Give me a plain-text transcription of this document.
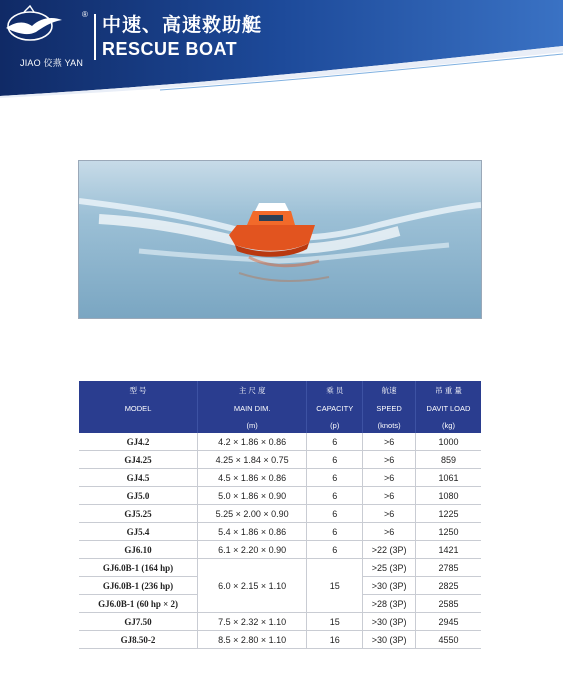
®
JIAO 佼燕 YAN
中速、高速救助艇
RESCUE BOAT
型 号	主 尺 度	乘 员	航速	吊 重 量
MODEL	MAIN DIM.	CAPACITY	SPEED	DAVIT LOAD
	(m)	(p)	(knots)	(kg)
GJ4.2	4.2 × 1.86 × 0.86	6	>6	1000
GJ4.25	4.25 × 1.84 × 0.75	6	>6	859
GJ4.5	4.5 × 1.86 × 0.86	6	>6	1061
GJ5.0	5.0 × 1.86 × 0.90	6	>6	1080
GJ5.25	5.25 × 2.00 × 0.90	6	>6	1225
GJ5.4	5.4 × 1.86 × 0.86	6	>6	1250
GJ6.10	6.1 × 2.20 × 0.90	6	>22 (3P)	1421
GJ6.0B-1 (164 hp)	6.0 × 2.15 × 1.10	15	>25 (3P)	2785
GJ6.0B-1 (236 hp)			>30 (3P)	2825
GJ6.0B-1 (60 hp × 2)			>28 (3P)	2585
GJ7.50	7.5 × 2.32 × 1.10	15	>30 (3P)	2945
GJ8.50-2	8.5 × 2.80 × 1.10	16	>30 (3P)	4550
